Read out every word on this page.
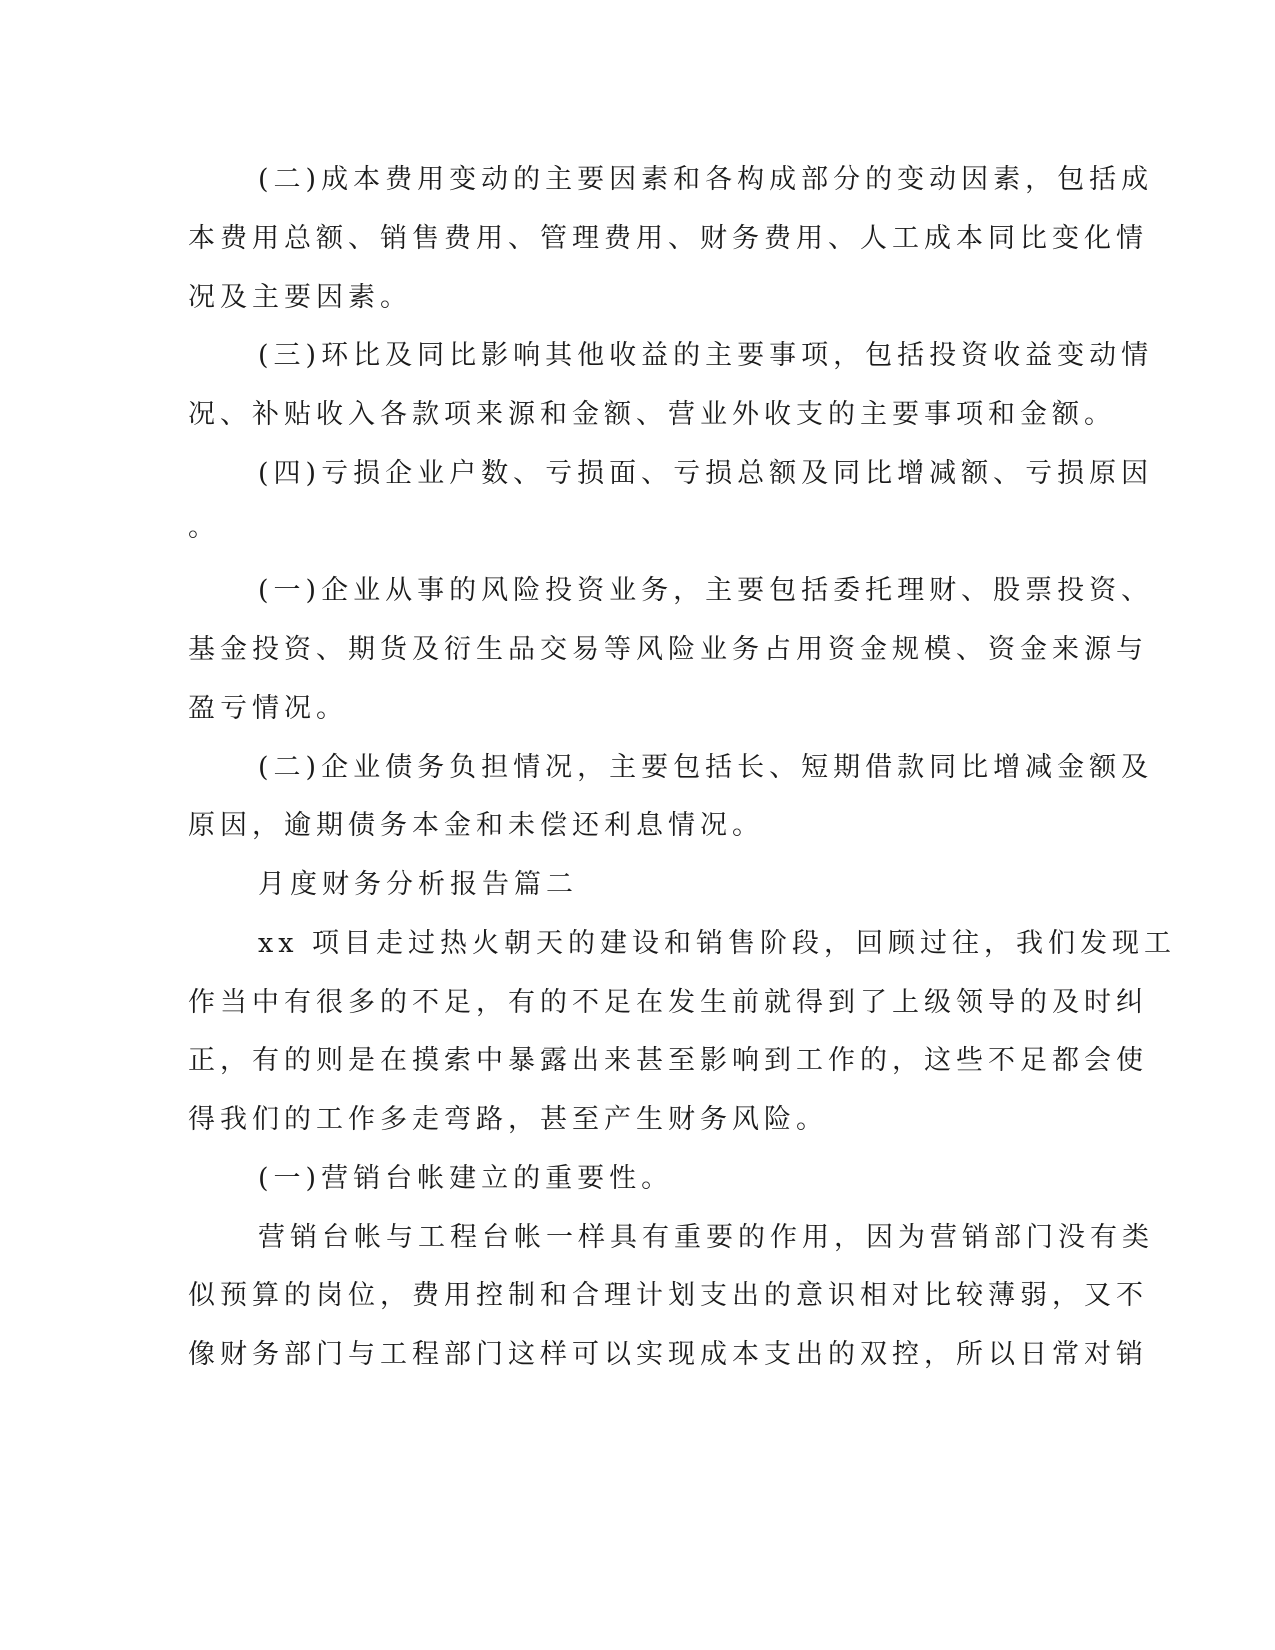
(二)成本费用变动的主要因素和各构成部分的变动因素，包括成
本费用总额、销售费用、管理费用、财务费用、人工成本同比变化情
况及主要因素。
(三)环比及同比影响其他收益的主要事项，包括投资收益变动情
况、补贴收入各款项来源和金额、营业外收支的主要事项和金额。
(四)亏损企业户数、亏损面、亏损总额及同比增减额、亏损原因
。
(一)企业从事的风险投资业务，主要包括委托理财、股票投资、
基金投资、期货及衍生品交易等风险业务占用资金规模、资金来源与
盈亏情况。
(二)企业债务负担情况，主要包括长、短期借款同比增减金额及
原因，逾期债务本金和未偿还利息情况。
月度财务分析报告篇二
xx 项目走过热火朝天的建设和销售阶段，回顾过往，我们发现工
作当中有很多的不足，有的不足在发生前就得到了上级领导的及时纠
正，有的则是在摸索中暴露出来甚至影响到工作的，这些不足都会使
得我们的工作多走弯路，甚至产生财务风险。
(一)营销台帐建立的重要性。
营销台帐与工程台帐一样具有重要的作用，因为营销部门没有类
似预算的岗位，费用控制和合理计划支出的意识相对比较薄弱，又不
像财务部门与工程部门这样可以实现成本支出的双控，所以日常对销
